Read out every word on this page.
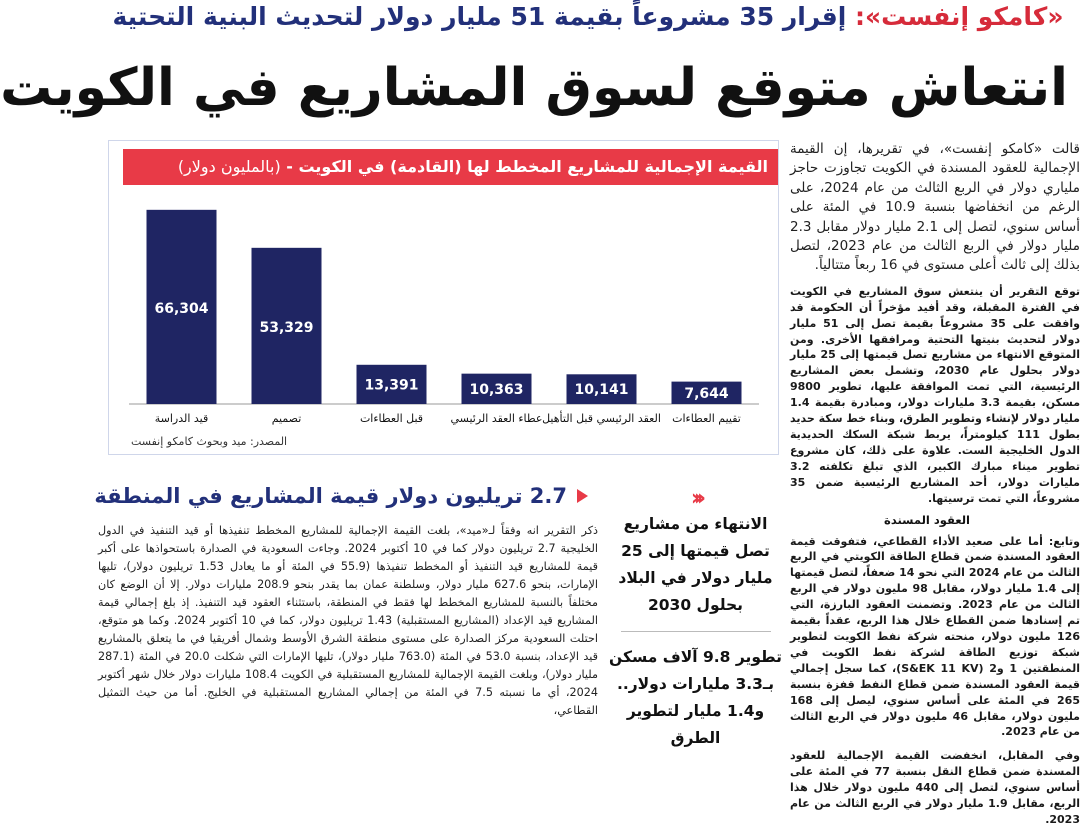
«كامكو إنفست»: إقرار 35 مشروعاً بقيمة 51 مليار دولار لتحديث البنية التحتية
انتعاش متوقع لسوق المشاريع في الكويت
القيمة الإجمالية للمشاريع المخطط لها (القادمة) في الكويت - (بالمليون دولار)
66,304
قيد الدراسة
53,329
تصميم
13,391
قبل العطاءات
10,363
عطاء العقد الرئيسي
10,141
العقد الرئيسي قبل التأهيل
7,644
تقييم العطاءات
المصدر: ميد وبحوث كامكو إنفست

قالت «كامكو إنفست»، في تقريرها، إن القيمة الإجمالية للعقود المسندة في الكويت تجاوزت حاجز ملياري دولار في الربع الثالث من عام 2024، على الرغم من انخفاضها بنسبة 10.9 في المئة على أساس سنوي، لتصل إلى 2.1 مليار دولار مقابل 2.3 مليار دولار في الربع الثالث من عام 2023، لتصل بذلك إلى ثالث أعلى مستوى في 16 ربعاً متتالياً.

توقع التقرير أن ينتعش سوق المشاريع في الكويت في الفترة المقبلة، وقد أفيد مؤخراً أن الحكومة قد وافقت على 35 مشروعاً بقيمة تصل إلى 51 مليار دولار لتحديث بنيتها التحتية ومرافقها الأخرى. ومن المتوقع الانتهاء من مشاريع تصل قيمتها إلى 25 مليار دولار بحلول عام 2030، وتشمل بعض المشاريع الرئيسية، التي تمت الموافقة عليها، تطوير 9800 مسكن، بقيمة 3.3 مليارات دولار، ومبادرة بقيمة 1.4 مليار دولار لإنشاء وتطوير الطرق، وبناء خط سكة حديد بطول 111 كيلومتراً، يربط شبكة السكك الحديدية الدول الخليجية الست. علاوة على ذلك، كان مشروع تطوير ميناء مبارك الكبير، الذي تبلغ تكلفته 3.2 مليارات دولار، أحد المشاريع الرئيسية ضمن 35 مشروعاً، التي تمت ترسيتها.

العقود المسندة

وتابع: أما على صعيد الأداء القطاعي، فتفوقت قيمة العقود المسندة ضمن قطاع الطاقة الكويتي في الربع الثالث من عام 2024 التي نحو 14 ضعفاً، لتصل قيمتها إلى 1.4 مليار دولار، مقابل 98 مليون دولار في الربع الثالث من عام 2023. وتضمنت العقود البارزة، التي تم إسنادها ضمن القطاع خلال هذا الربع، عقداً بقيمة 126 مليون دولار، منحته شركة نفط الكويت لتطوير شبكة توزيع الطاقة لشركة نفط الكويت في المنطقتين 1 و2 (S&EK 11 KV)، كما سجل إجمالي قيمة العقود المسندة ضمن قطاع النفط قفزة بنسبة 265 في المئة على أساس سنوي، ليصل إلى 168 مليون دولار، مقابل 46 مليون دولار في الربع الثالث من عام 2023.

وفي المقابل، انخفضت القيمة الإجمالية للعقود المسندة ضمن قطاع النقل بنسبة 77 في المئة على أساس سنوي، لتصل إلى 440 مليون دولار خلال هذا الربع، مقابل 1.9 مليار دولار في الربع الثالث من عام 2023.

‹‹‹

الانتهاء من مشاريع تصل قيمتها إلى 25 مليار دولار في البلاد بحلول 2030

تطوير 9.8 آلاف مسكن بـ3.3 مليارات دولار.. و1.4 مليار لتطوير الطرق

2.7 تريليون دولار قيمة المشاريع في المنطقة

ذكر التقرير انه وفقاً لـ«ميد»، بلغت القيمة الإجمالية للمشاريع المخطط تنفيذها أو قيد التنفيذ في الدول الخليجية 2.7 تريليون دولار كما في 10 أكتوبر 2024. وجاءت السعودية في الصدارة باستحواذها على أكبر قيمة للمشاريع قيد التنفيذ أو المخطط تنفيذها (55.9 في المئة أو ما يعادل 1.53 تريليون دولار)، تليها الإمارات، بنحو 627.6 مليار دولار، وسلطنة عمان بما يقدر بنحو 208.9 مليارات دولار. إلا أن الوضع كان مختلفاً بالنسبة للمشاريع المخطط لها فقط في المنطقة، باستثناء العقود قيد التنفيذ. إذ بلغ إجمالي قيمة المشاريع قيد الإعداد (المشاريع المستقبلية) 1.43 تريليون دولار، كما في 10 أكتوبر 2024. وكما هو متوقع، احتلت السعودية مركز الصدارة على مستوى منطقة الشرق الأوسط وشمال أفريقيا في ما يتعلق بالمشاريع قيد الإعداد، بنسبة 53.0 في المئة (763.0 مليار دولار)، تليها الإمارات التي شكلت 20.0 في المئة (287.1 مليار دولار)، وبلغت القيمة الإجمالية للمشاريع المستقبلية في الكويت 108.4 مليارات دولار خلال شهر أكتوبر 2024، أي ما نسبته 7.5 في المئة من إجمالي المشاريع المستقبلية في الخليج. أما من حيث التمثيل القطاعي،
